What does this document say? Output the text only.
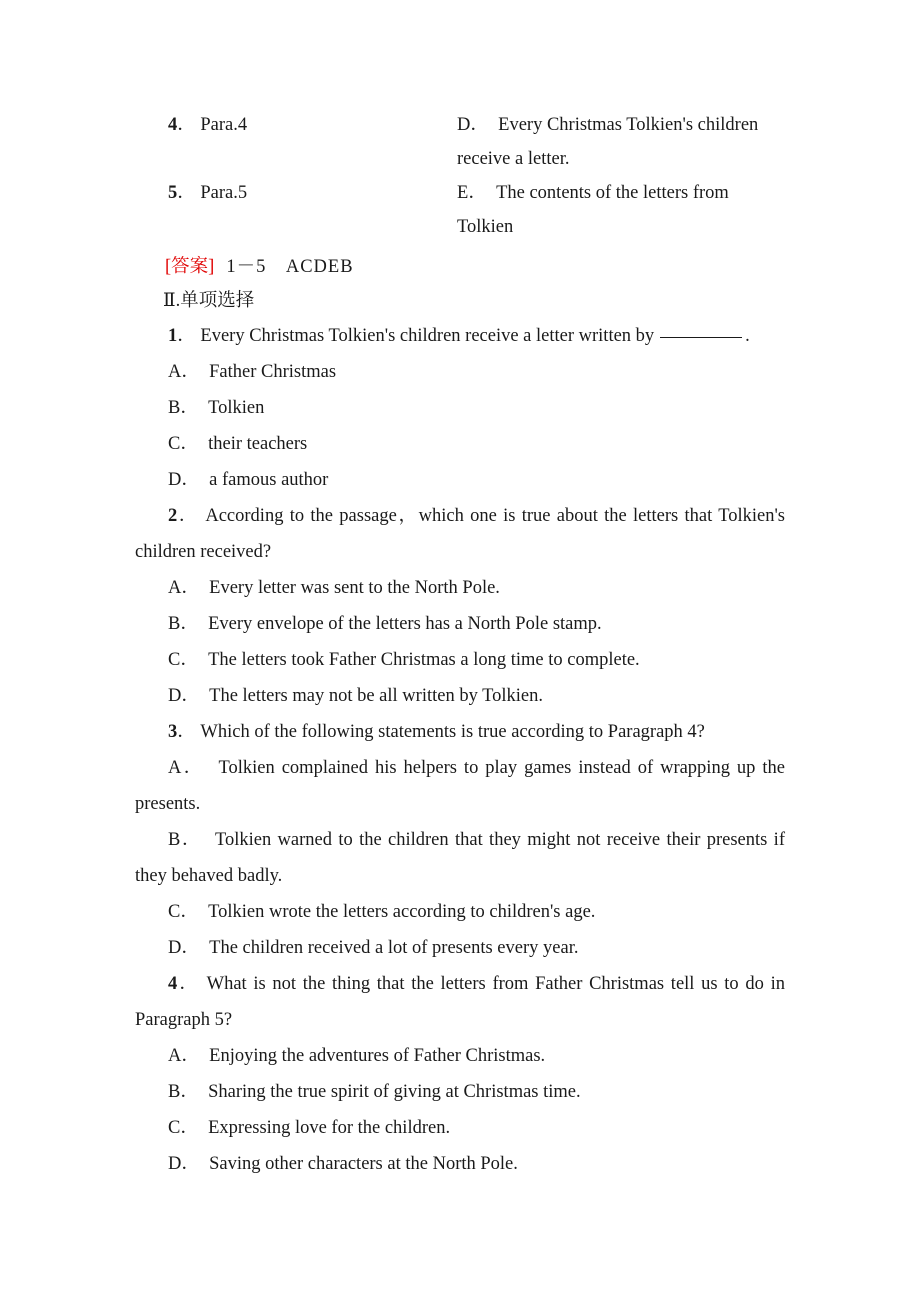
4． Para.4	D． Every Christmas Tolkien's children
receive a letter.
5． Para.5	E． The contents of the letters from
Tolkien
[答案] 1－5　ACDEB
Ⅱ.单项选择
1． Every Christmas Tolkien's children receive a letter written by	.
A． Father Christmas
B． Tolkien
C． their teachers
D． a famous author
2． According to the passage，which one is true about the letters that Tolkien's children received?
A． Every letter was sent to the North Pole.
B． Every envelope of the letters has a North Pole stamp.
C． The letters took Father Christmas a long time to complete.
D． The letters may not be all written by Tolkien.
3． Which of the following statements is true according to Paragraph 4?
A． Tolkien complained his helpers to play games instead of wrapping up the presents.
B． Tolkien warned to the children that they might not receive their presents if they behaved badly.
C． Tolkien wrote the letters according to children's age.
D． The children received a lot of presents every year.
4． What is not the thing that the letters from Father Christmas tell us to do in Paragraph 5?
A． Enjoying the adventures of Father Christmas.
B． Sharing the true spirit of giving at Christmas time.
C． Expressing love for the children.
D． Saving other characters at the North Pole.
